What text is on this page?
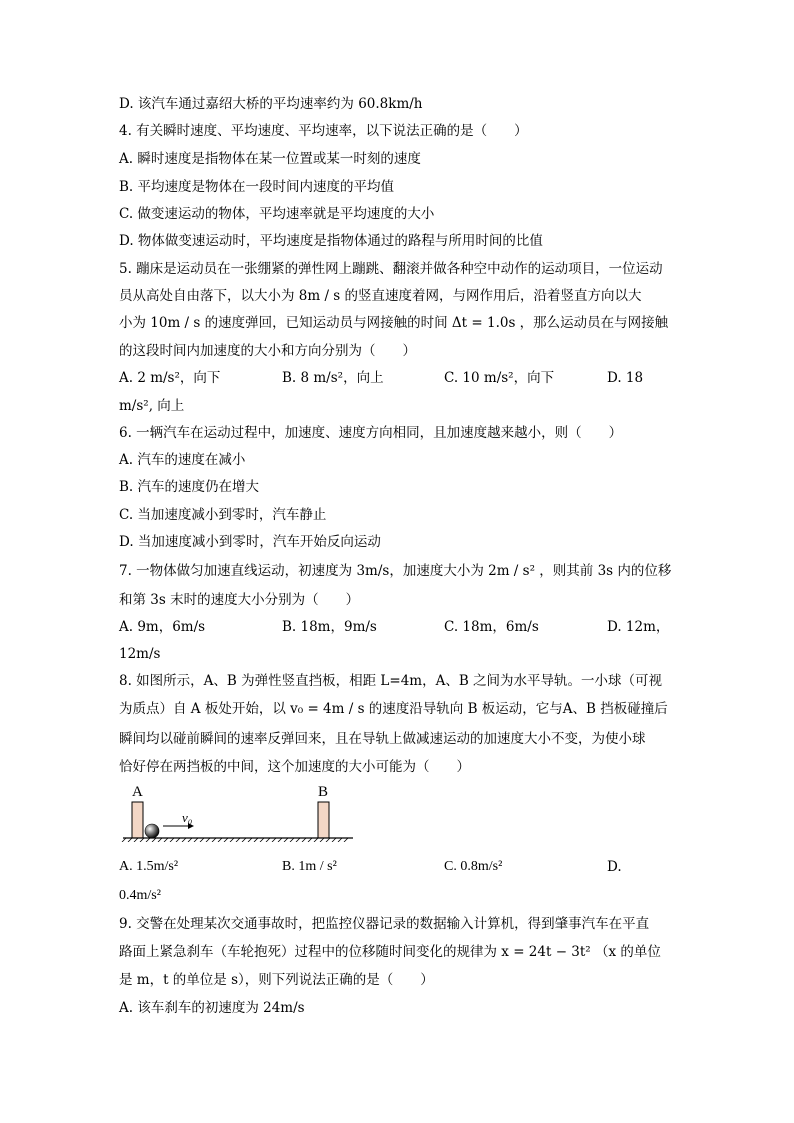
D. 该汽车通过嘉绍大桥的平均速率约为 60.8km/h
4. 有关瞬时速度、平均速度、平均速率，以下说法正确的是（　　）
A. 瞬时速度是指物体在某一位置或某一时刻的速度
B. 平均速度是物体在一段时间内速度的平均值
C. 做变速运动的物体，平均速率就是平均速度的大小
D. 物体做变速运动时，平均速度是指物体通过的路程与所用时间的比值
5. 蹦床是运动员在一张绷紧的弹性网上蹦跳、翻滚并做各种空中动作的运动项目，一位运动
员从高处自由落下，以大小为 8m / s 的竖直速度着网，与网作用后，沿着竖直方向以大
小为 10m / s 的速度弹回，已知运动员与网接触的时间 Δt = 1.0s ，那么运动员在与网接触
的这段时间内加速度的大小和方向分别为（　　）
A. 2 m/s²，向下	B. 8 m/s²，向上	C. 10 m/s²，向下	D. 18
m/s², 向上
6. 一辆汽车在运动过程中，加速度、速度方向相同，且加速度越来越小，则（　　）
A. 汽车的速度在减小
B. 汽车的速度仍在增大
C. 当加速度减小到零时，汽车静止
D. 当加速度减小到零时，汽车开始反向运动
7. 一物体做匀加速直线运动，初速度为 3m/s，加速度大小为 2m / s² ，则其前 3s 内的位移
和第 3s 末时的速度大小分别为（　　）
A. 9m，6m/s	B. 18m，9m/s	C. 18m，6m/s	D. 12m，
12m/s
8. 如图所示，A、B 为弹性竖直挡板，相距 L=4m，A、B 之间为水平导轨。一小球（可视
为质点）自 A 板处开始，以 v₀ = 4m / s 的速度沿导轨向 B 板运动，它与A、B 挡板碰撞后
瞬间均以碰前瞬间的速率反弹回来，且在导轨上做减速运动的加速度大小不变，为使小球
恰好停在两挡板的中间，这个加速度的大小可能为（　　）
A	B
v₀
A. 1.5m/s²	B. 1m / s²	C. 0.8m/s²	D.
0.4m/s²
9. 交警在处理某次交通事故时，把监控仪器记录的数据输入计算机，得到肇事汽车在平直
路面上紧急刹车（车轮抱死）过程中的位移随时间变化的规律为 x = 24t − 3t² （x 的单位
是 m，t 的单位是 s），则下列说法正确的是（　　）
A. 该车刹车的初速度为 24m/s
